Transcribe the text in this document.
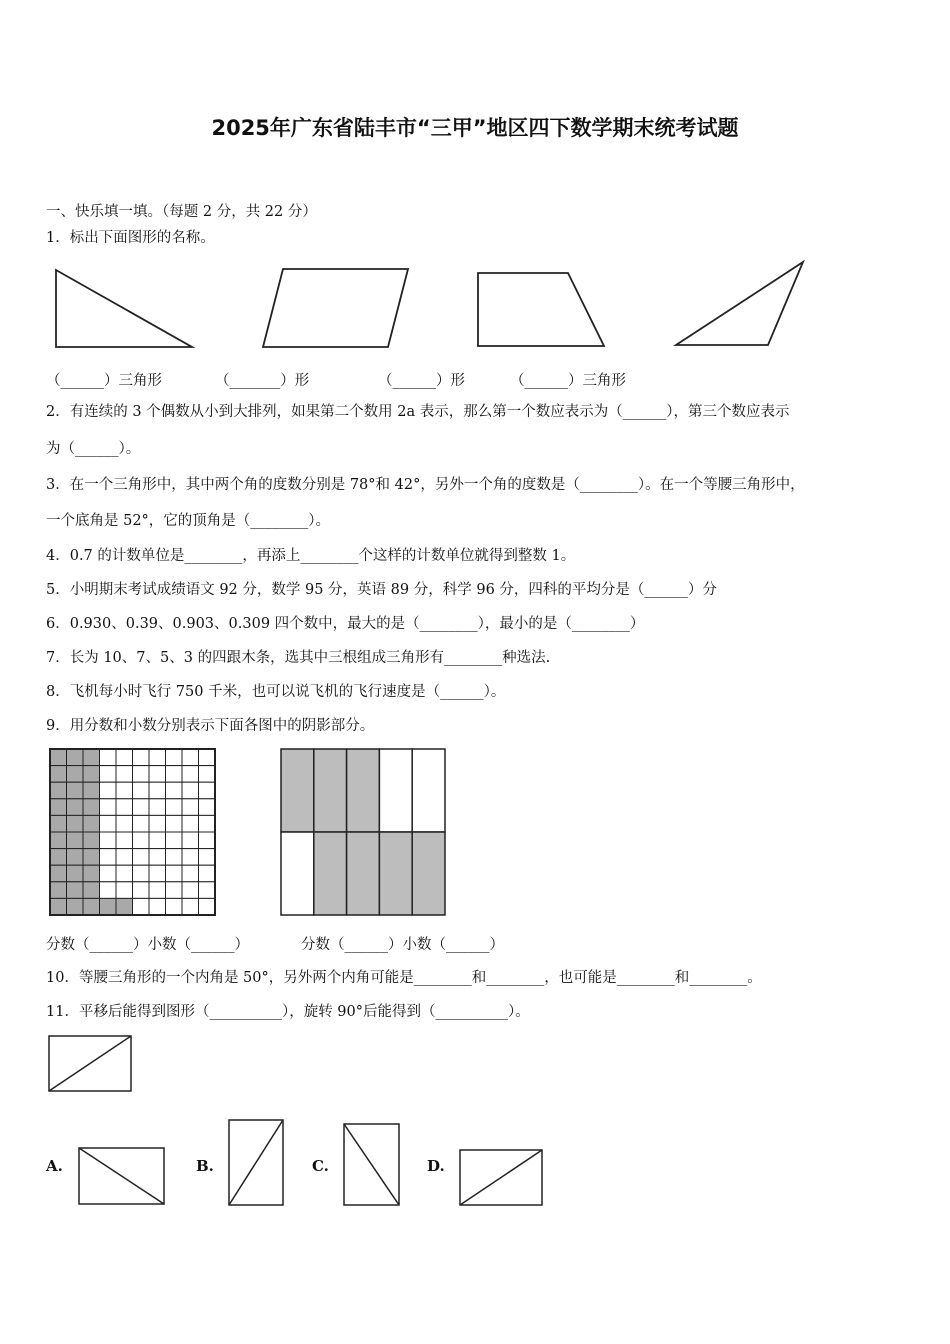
2025年广东省陆丰市“三甲”地区四下数学期末统考试题
一、快乐填一填。（每题 2 分，共 22 分）
1．标出下面图形的名称。
（______）三角形	（_______）形	（______）形	（______）三角形
2．有连续的 3 个偶数从小到大排列，如果第二个数用 2a 表示，那么第一个数应表示为（______），第三个数应表示
为（______）。
3．在一个三角形中，其中两个角的度数分别是 78°和 42°，另外一个角的度数是（________）。在一个等腰三角形中，
一个底角是 52°，它的顶角是（________）。
4．0.7 的计数单位是________，再添上________个这样的计数单位就得到整数 1。
5．小明期末考试成绩语文 92 分，数学 95 分，英语 89 分，科学 96 分，四科的平均分是（______）分
6．0.930、0.39、0.903、0.309 四个数中，最大的是（________），最小的是（________）
7．长为 10、7、5、3 的四跟木条，选其中三根组成三角形有________种选法.
8．飞机每小时飞行 750 千米，也可以说飞机的飞行速度是（______）。
9．用分数和小数分别表示下面各图中的阴影部分。
分数（______）小数（______）	分数（______）小数（______）
10．等腰三角形的一个内角是 50°，另外两个内角可能是________和________，也可能是________和________。
11．平移后能得到图形（__________），旋转 90°后能得到（__________）。
A.	B.	C.	D.
